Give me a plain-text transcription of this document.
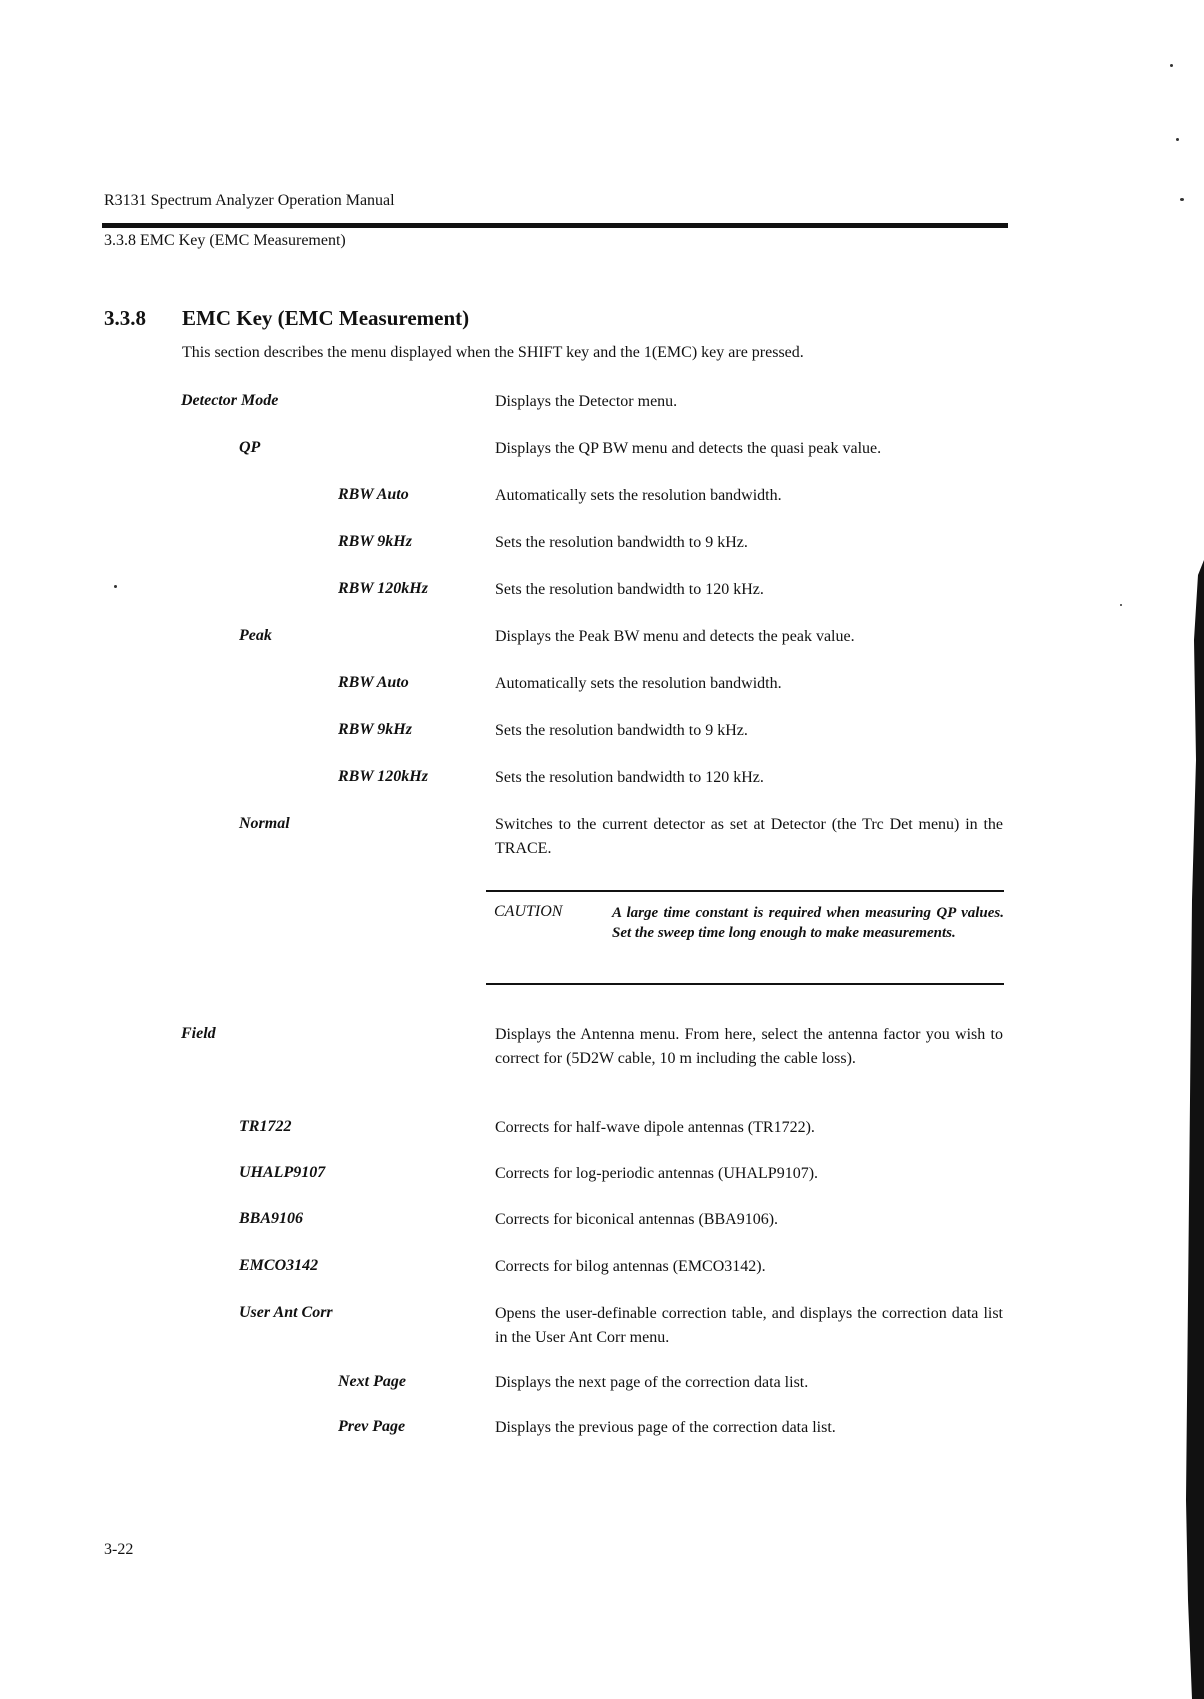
R3131 Spectrum Analyzer Operation Manual
3.3.8 EMC Key (EMC Measurement)
3.3.8 EMC Key (EMC Measurement)
This section describes the menu displayed when the SHIFT key and the 1(EMC) key are pressed.
Detector Mode	Displays the Detector menu.
QP	Displays the QP BW menu and detects the quasi peak value.
RBW Auto	Automatically sets the resolution bandwidth.
RBW 9kHz	Sets the resolution bandwidth to 9 kHz.
RBW 120kHz	Sets the resolution bandwidth to 120 kHz.
Peak	Displays the Peak BW menu and detects the peak value.
RBW Auto	Automatically sets the resolution bandwidth.
RBW 9kHz	Sets the resolution bandwidth to 9 kHz.
RBW 120kHz	Sets the resolution bandwidth to 120 kHz.
Normal	Switches to the current detector as set at Detector (the Trc Det menu) in the TRACE.
CAUTION	A large time constant is required when measuring QP values. Set the sweep time long enough to make measurements.
Field	Displays the Antenna menu. From here, select the antenna factor you wish to correct for (5D2W cable, 10 m including the cable loss).
TR1722	Corrects for half-wave dipole antennas (TR1722).
UHALP9107	Corrects for log-periodic antennas (UHALP9107).
BBA9106	Corrects for biconical antennas (BBA9106).
EMCO3142	Corrects for bilog antennas (EMCO3142).
User Ant Corr	Opens the user-definable correction table, and displays the correction data list in the User Ant Corr menu.
Next Page	Displays the next page of the correction data list.
Prev Page	Displays the previous page of the correction data list.
3-22
